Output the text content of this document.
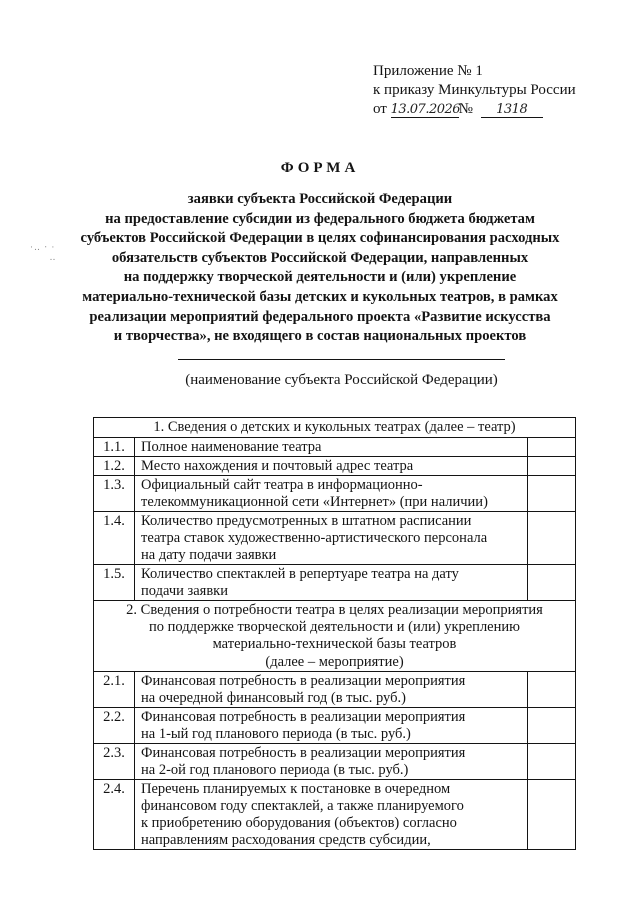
Приложение № 1
к приказу Минкультуры России
от 13.07.2026№ 1318
·‥ ‧ ·
‥
ФОРМА
заявки субъекта Российской Федерации
на предоставление субсидии из федерального бюджета бюджетам
субъектов Российской Федерации в целях софинансирования расходных
обязательств субъектов Российской Федерации, направленных
на поддержку творческой деятельности и (или) укрепление
материально-технической базы детских и кукольных театров, в рамках
реализации мероприятий федерального проекта «Развитие искусства
и творчества», не входящего в состав национальных проектов
(наименование субъекта Российской Федерации)
1. Сведения о детских и кукольных театрах (далее – театр)		
1.1.	Полное наименование театра	

1.2.	Место нахождения и почтовый адрес театра	

1.3.	Официальный сайт театра в информационно-
телекоммуникационной сети «Интернет» (при наличии)	

1.4.	Количество предусмотренных в штатном расписании
театра ставок художественно-артистического персонала
на дату подачи заявки	

1.5.	Количество спектаклей в репертуаре театра на дату
подачи заявки	

2. Сведения о потребности театра в целях реализации мероприятия
по поддержке творческой деятельности и (или) укреплению
материально-технической базы театров
(далее – мероприятие)		

2.1.	Финансовая потребность в реализации мероприятия
на очередной финансовый год (в тыс. руб.)	

2.2.	Финансовая потребность в реализации мероприятия
на 1-ый год планового периода (в тыс. руб.)	

2.3.	Финансовая потребность в реализации мероприятия
на 2-ой год планового периода (в тыс. руб.)	

2.4.	Перечень планируемых к постановке в очередном
финансовом году спектаклей, а также планируемого
к приобретению оборудования (объектов) согласно
направлениям расходования средств субсидии,	
